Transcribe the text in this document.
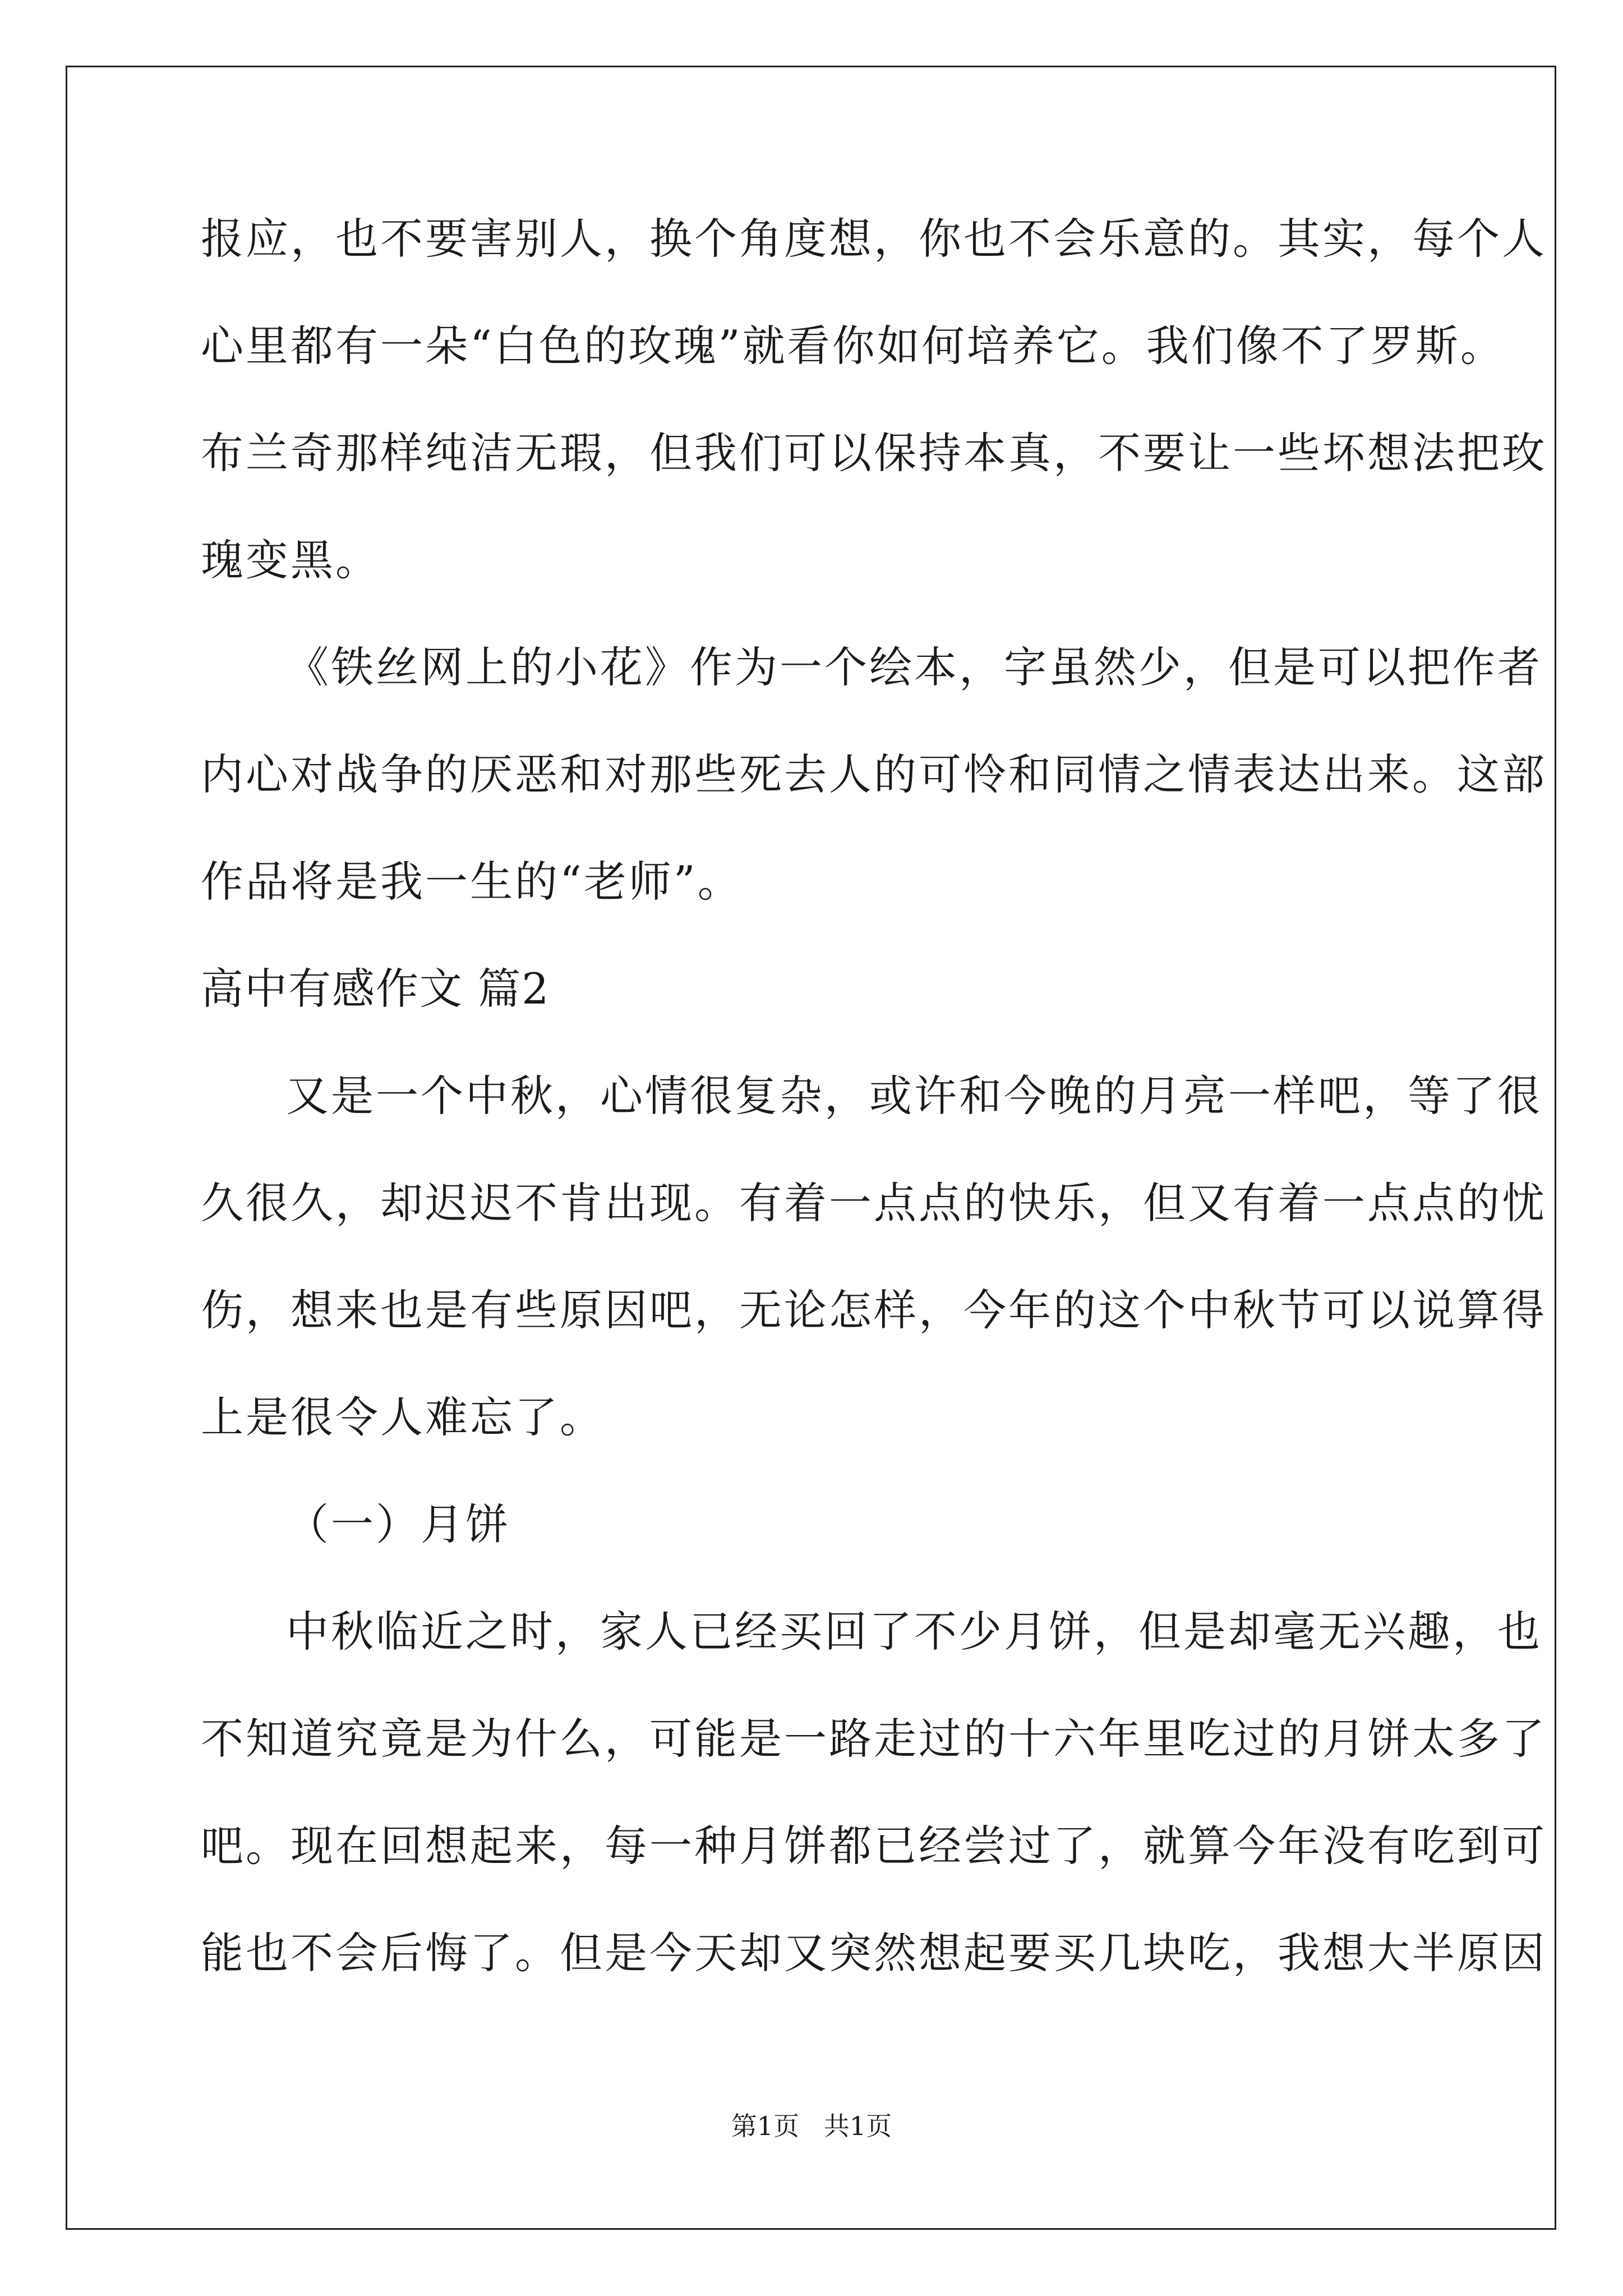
报应，也不要害别人，换个角度想，你也不会乐意的。其实，每个人
心里都有一朵“白色的玫瑰”就看你如何培养它。我们像不了罗斯。
布兰奇那样纯洁无瑕，但我们可以保持本真，不要让一些坏想法把玫
瑰变黑。
《铁丝网上的小花》作为一个绘本，字虽然少，但是可以把作者
内心对战争的厌恶和对那些死去人的可怜和同情之情表达出来。这部
作品将是我一生的“老师”。
高中有感作文 篇2
又是一个中秋，心情很复杂，或许和今晚的月亮一样吧，等了很
久很久，却迟迟不肯出现。有着一点点的快乐，但又有着一点点的忧
伤，想来也是有些原因吧，无论怎样，今年的这个中秋节可以说算得
上是很令人难忘了。
（一）月饼
中秋临近之时，家人已经买回了不少月饼，但是却毫无兴趣，也
不知道究竟是为什么，可能是一路走过的十六年里吃过的月饼太多了
吧。现在回想起来，每一种月饼都已经尝过了，就算今年没有吃到可
能也不会后悔了。但是今天却又突然想起要买几块吃，我想大半原因
第1页   共1页
